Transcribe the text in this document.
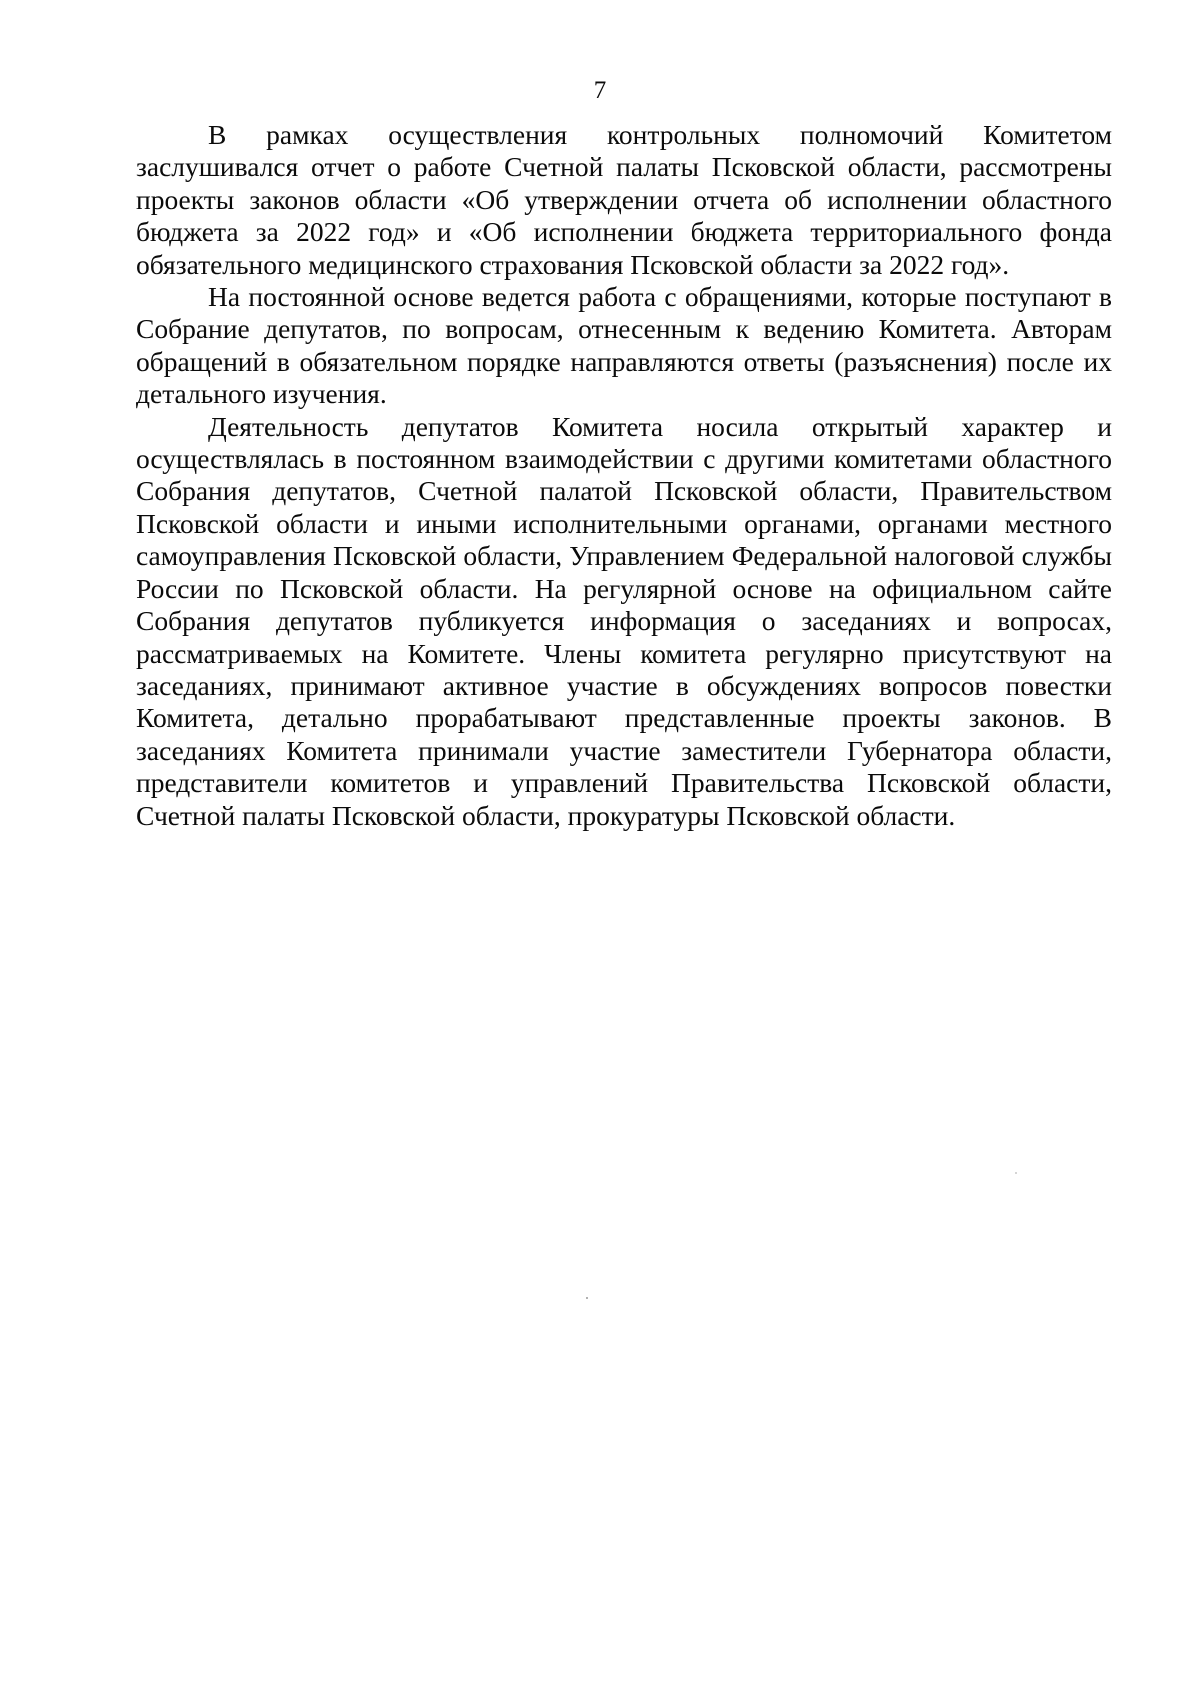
7

В рамках осуществления контрольных полномочий Комитетом заслушивался отчет о работе Счетной палаты Псковской области, рассмотрены проекты законов области «Об утверждении отчета об исполнении областного бюджета за 2022 год» и «Об исполнении бюджета территориального фонда обязательного медицинского страхования Псковской области за 2022 год».

На постоянной основе ведется работа с обращениями, которые поступают в Собрание депутатов, по вопросам, отнесенным к ведению Комитета. Авторам обращений в обязательном порядке направляются ответы (разъяснения) после их детального изучения.

Деятельность депутатов Комитета носила открытый характер и осуществлялась в постоянном взаимодействии с другими комитетами областного Собрания депутатов, Счетной палатой Псковской области, Правительством Псковской области и иными исполнительными органами, органами местного самоуправления Псковской области, Управлением Федеральной налоговой службы России по Псковской области. На регулярной основе на официальном сайте Собрания депутатов публикуется информация о заседаниях и вопросах, рассматриваемых на Комитете. Члены комитета регулярно присутствуют на заседаниях, принимают активное участие в обсуждениях вопросов повестки Комитета, детально прорабатывают представленные проекты законов. В заседаниях Комитета принимали участие заместители Губернатора области, представители комитетов и управлений Правительства Псковской области, Счетной палаты Псковской области, прокуратуры Псковской области.
